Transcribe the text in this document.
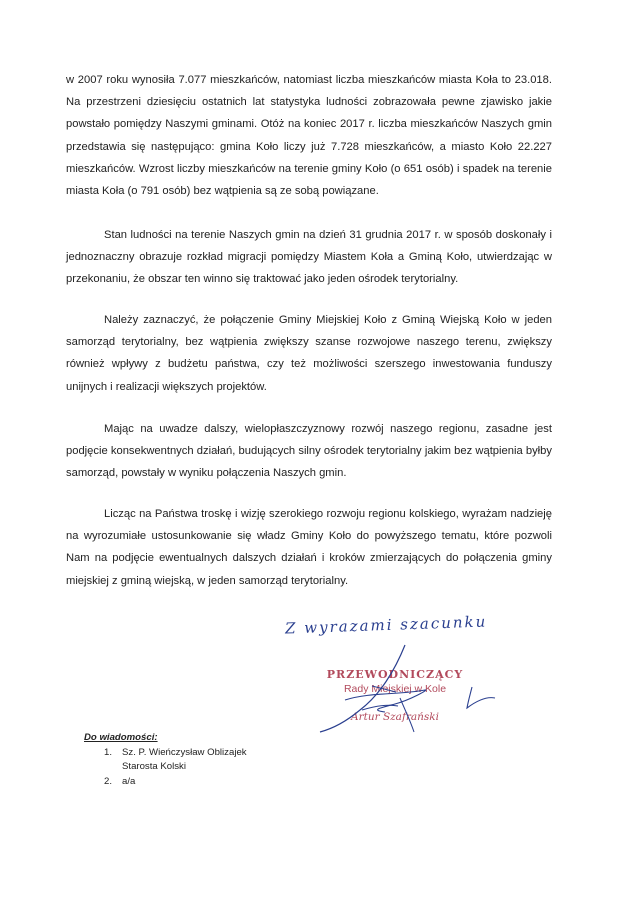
w 2007 roku wynosiła 7.077 mieszkańców, natomiast liczba mieszkańców miasta Koła to 23.018. Na przestrzeni dziesięciu ostatnich lat statystyka ludności zobrazowała pewne zjawisko jakie powstało pomiędzy Naszymi gminami. Otóż na koniec 2017 r. liczba mieszkańców Naszych gmin przedstawia się następująco: gmina Koło liczy już 7.728 mieszkańców, a miasto Koło 22.227 mieszkańców. Wzrost liczby mieszkańców na terenie gminy Koło (o 651 osób) i spadek na terenie miasta Koła (o 791 osób) bez wątpienia są ze sobą powiązane.

Stan ludności na terenie Naszych gmin na dzień 31 grudnia 2017 r. w sposób doskonały i jednoznaczny obrazuje rozkład migracji pomiędzy Miastem Koła a Gminą Koło, utwierdzając w przekonaniu, że obszar ten winno się traktować jako jeden ośrodek terytorialny.

Należy zaznaczyć, że połączenie Gminy Miejskiej Koło z Gminą Wiejską Koło w jeden samorząd terytorialny, bez wątpienia zwiększy szanse rozwojowe naszego terenu, zwiększy również wpływy z budżetu państwa, czy też możliwości szerszego inwestowania funduszy unijnych i realizacji większych projektów.

Mając na uwadze dalszy, wielopłaszczyznowy rozwój naszego regionu, zasadne jest podjęcie konsekwentnych działań, budujących silny ośrodek terytorialny jakim bez wątpienia byłby samorząd, powstały w wyniku połączenia Naszych gmin.

Licząc na Państwa troskę i wizję szerokiego rozwoju regionu kolskiego, wyrażam nadzieję na wyrozumiałe ustosunkowanie się władz Gminy Koło do powyższego tematu, które pozwoli Nam na podjęcie ewentualnych dalszych działań i kroków zmierzających do połączenia gminy miejskiej z gminą wiejską, w jeden samorząd terytorialny.

Z wyrazami szacunku
PRZEWODNICZĄCY
Rady Miejskiej w Kole
Artur Szafrański
Do wiadomości:
1. Sz. P. Wieńczysław Oblizajek
Starosta Kolski
2. a/a
